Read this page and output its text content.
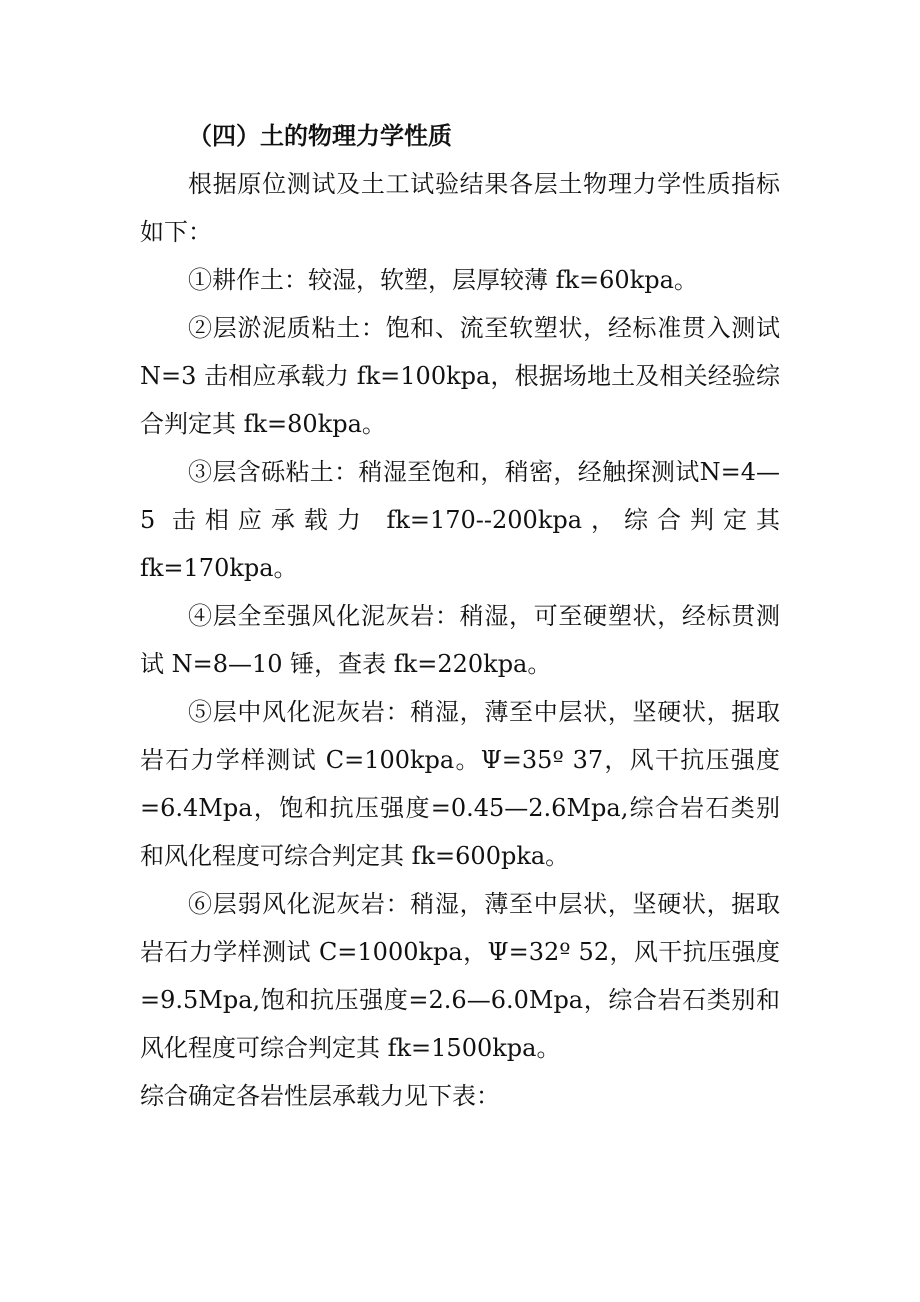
（四）土的物理力学性质

根据原位测试及土工试验结果各层土物理力学性质指标如下：

①耕作土：较湿，软塑，层厚较薄 fk=60kpa。

②层淤泥质粘土：饱和、流至软塑状，经标准贯入测试N=3 击相应承载力 fk=100kpa，根据场地土及相关经验综合判定其 fk=80kpa。

③层含砾粘土：稍湿至饱和，稍密，经触探测试N=4—5 击相应承载力 fk=170--200kpa，综合判定其fk=170kpa。

④层全至强风化泥灰岩：稍湿，可至硬塑状，经标贯测试 N=8—10 锤，查表 fk=220kpa。

⑤层中风化泥灰岩：稍湿，薄至中层状，坚硬状，据取岩石力学样测试 C=100kpa。Ψ=35º 37，风干抗压强度=6.4Mpa，饱和抗压强度=0.45—2.6Mpa,综合岩石类别和风化程度可综合判定其 fk=600pka。

⑥层弱风化泥灰岩：稍湿，薄至中层状，坚硬状，据取岩石力学样测试 C=1000kpa，Ψ=32º 52，风干抗压强度=9.5Mpa,饱和抗压强度=2.6—6.0Mpa，综合岩石类别和风化程度可综合判定其 fk=1500kpa。

综合确定各岩性层承载力见下表：
